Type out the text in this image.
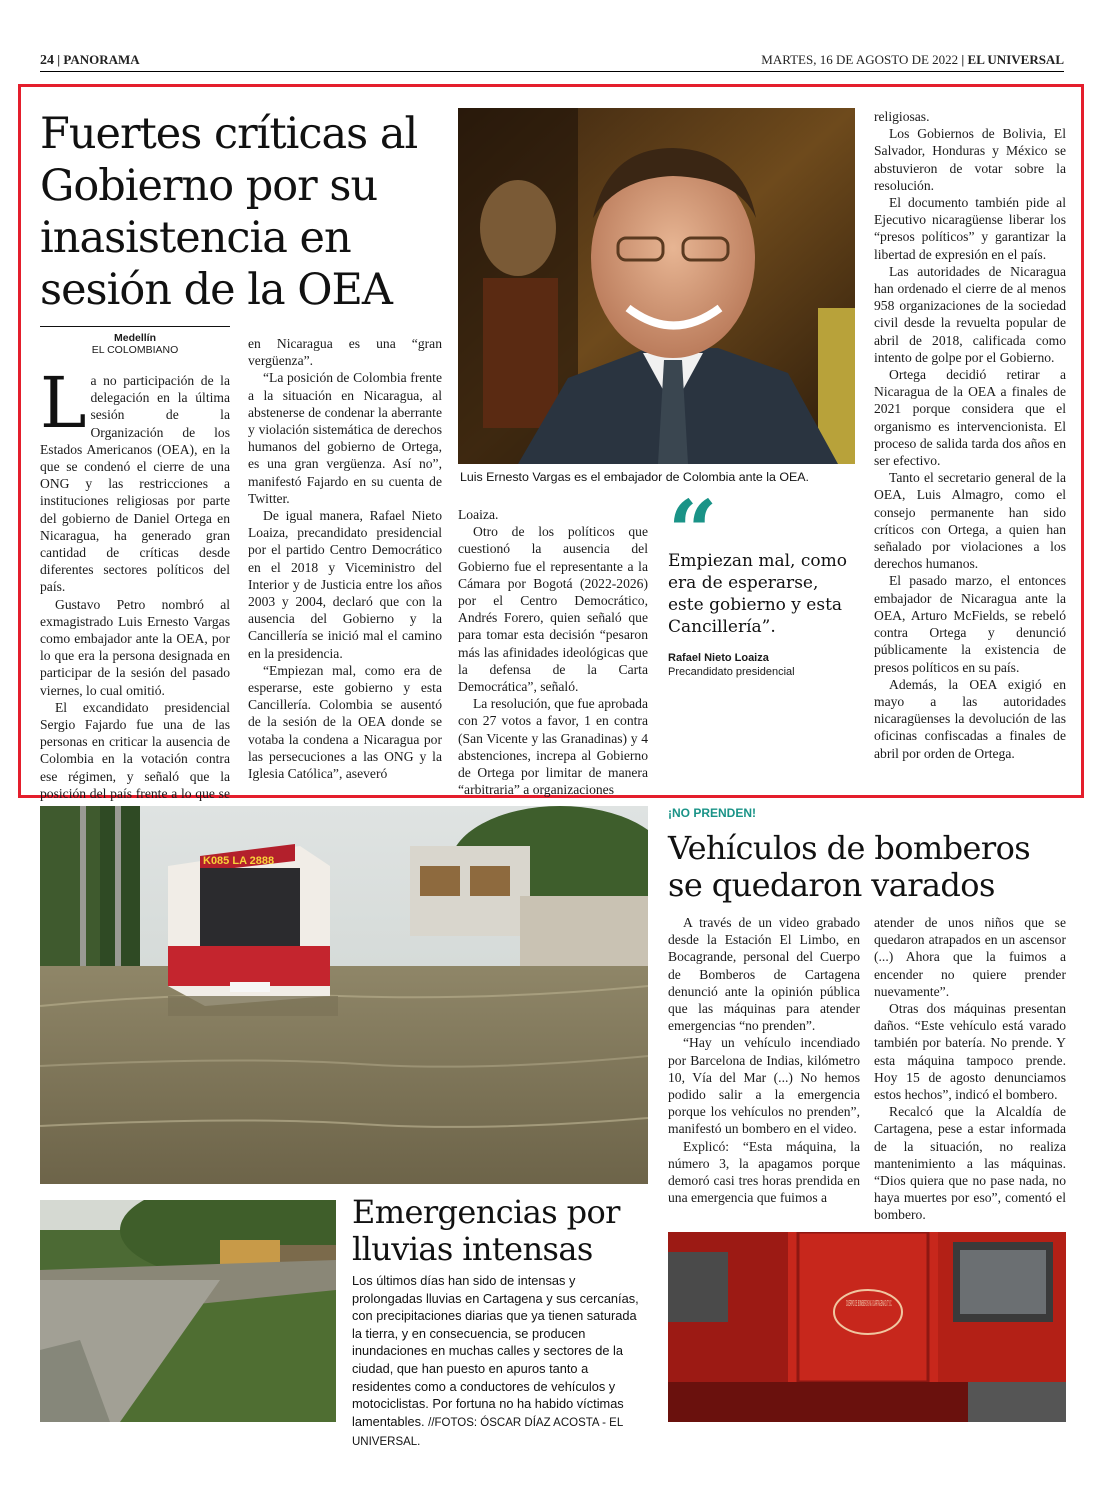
24 | PANORAMA	MARTES, 16 DE AGOSTO DE 2022 | EL UNIVERSAL
Fuertes críticas al Gobierno por su inasistencia en sesión de la OEA
Medellín
EL COLOMBIANO

La no participación de la delegación en la última sesión de la Organización de los Estados Americanos (OEA), en la que se condenó el cierre de una ONG y las restricciones a instituciones religiosas por parte del gobierno de Daniel Ortega en Nicaragua, ha generado gran cantidad de críticas desde diferentes sectores políticos del país.

Gustavo Petro nombró al exmagistrado Luis Ernesto Vargas como embajador ante la OEA, por lo que era la persona designada en participar de la sesión del pasado viernes, lo cual omitió.

El excandidato presidencial Sergio Fajardo fue una de las personas en criticar la ausencia de Colombia en la votación contra ese régimen, y señaló que la posición del país frente a lo que se

en Nicaragua es una “gran vergüenza”.

“La posición de Colombia frente a la situación en Nicaragua, al abstenerse de condenar la aberrante y violación sistemática de derechos humanos del gobierno de Ortega, es una gran vergüenza. Así no”, manifestó Fajardo en su cuenta de Twitter.

De igual manera, Rafael Nieto Loaiza, precandidato presidencial por el partido Centro Democrático en el 2018 y Viceministro del Interior y de Justicia entre los años 2003 y 2004, declaró que con la ausencia del Gobierno y la Cancillería se inició mal el camino en la presidencia.

“Empiezan mal, como era de esperarse, este gobierno y esta Cancillería. Colombia se ausentó de la sesión de la OEA donde se votaba la condena a Nicaragua por las persecuciones a las ONG y la Iglesia Católica”, aseveró

Luis Ernesto Vargas es el embajador de Colombia ante la OEA.

Loaiza.

Otro de los políticos que cuestionó la ausencia del Gobierno fue el representante a la Cámara por Bogotá (2022-2026) por el Centro Democrático, Andrés Forero, quien señaló que para tomar esta decisión “pesaron más las afinidades ideológicas que la defensa de la Carta Democrática”, señaló.

La resolución, que fue aprobada con 27 votos a favor, 1 en contra (San Vicente y las Granadinas) y 4 abstenciones, increpa al Gobierno de Ortega por limitar de manera “arbitraria” a organizaciones

“
Empiezan mal, como era de esperarse, este gobierno y esta Cancillería”.
Rafael Nieto Loaiza
Precandidato presidencial

religiosas.

Los Gobiernos de Bolivia, El Salvador, Honduras y México se abstuvieron de votar sobre la resolución.

El documento también pide al Ejecutivo nicaragüense liberar los “presos políticos” y garantizar la libertad de expresión en el país.

Las autoridades de Nicaragua han ordenado el cierre de al menos 958 organizaciones de la sociedad civil desde la revuelta popular de abril de 2018, calificada como intento de golpe por el Gobierno.

Ortega decidió retirar a Nicaragua de la OEA a finales de 2021 porque considera que el organismo es intervencionista. El proceso de salida tarda dos años en ser efectivo.

Tanto el secretario general de la OEA, Luis Almagro, como el consejo permanente han sido críticos con Ortega, a quien han señalado por violaciones a los derechos humanos.

El pasado marzo, el entonces embajador de Nicaragua ante la OEA, Arturo McFields, se rebeló contra Ortega y denunció públicamente la existencia de presos políticos en su país.

Además, la OEA exigió en mayo a las autoridades nicaragüenses la devolución de las oficinas confiscadas a finales de abril por orden de Ortega.

K085 LA 2888
Emergencias por lluvias intensas
Los últimos días han sido de intensas y prolongadas lluvias en Cartagena y sus cercanías, con precipitaciones diarias que ya tienen saturada la tierra, y en consecuencia, se producen inundaciones en muchas calles y sectores de la ciudad, que han puesto en apuros tanto a residentes como a conductores de vehículos y motociclistas. Por fortuna no ha habido víctimas lamentables. //FOTOS: ÓSCAR DÍAZ ACOSTA - EL UNIVERSAL.
¡NO PRENDEN!
Vehículos de bomberos se quedaron varados

A través de un video grabado desde la Estación El Limbo, en Bocagrande, personal del Cuerpo de Bomberos de Cartagena denunció ante la opinión pública que las máquinas para atender emergencias “no prenden”.

“Hay un vehículo incendiado por Barcelona de Indias, kilómetro 10, Vía del Mar (...) No hemos podido salir a la emergencia porque los vehículos no prenden”, manifestó un bombero en el video.

Explicó: “Esta máquina, la número 3, la apagamos porque demoró casi tres horas prendida en una emergencia que fuimos a

atender de unos niños que se quedaron atrapados en un ascensor (...) Ahora que la fuimos a encender no quiere prender nuevamente”.

Otras dos máquinas presentan daños. “Este vehículo está varado también por batería. No prende. Y esta máquina tampoco prende. Hoy 15 de agosto denunciamos estos hechos”, indicó el bombero.

Recalcó que la Alcaldía de Cartagena, pese a estar informada de la situación, no realiza mantenimiento a las máquinas. “Dios quiera que no pase nada, no haya muertes por eso”, comentó el bombero.

CUERPO DE BOMBEROS M-3 CARTAGENA D.T.Y.C.
